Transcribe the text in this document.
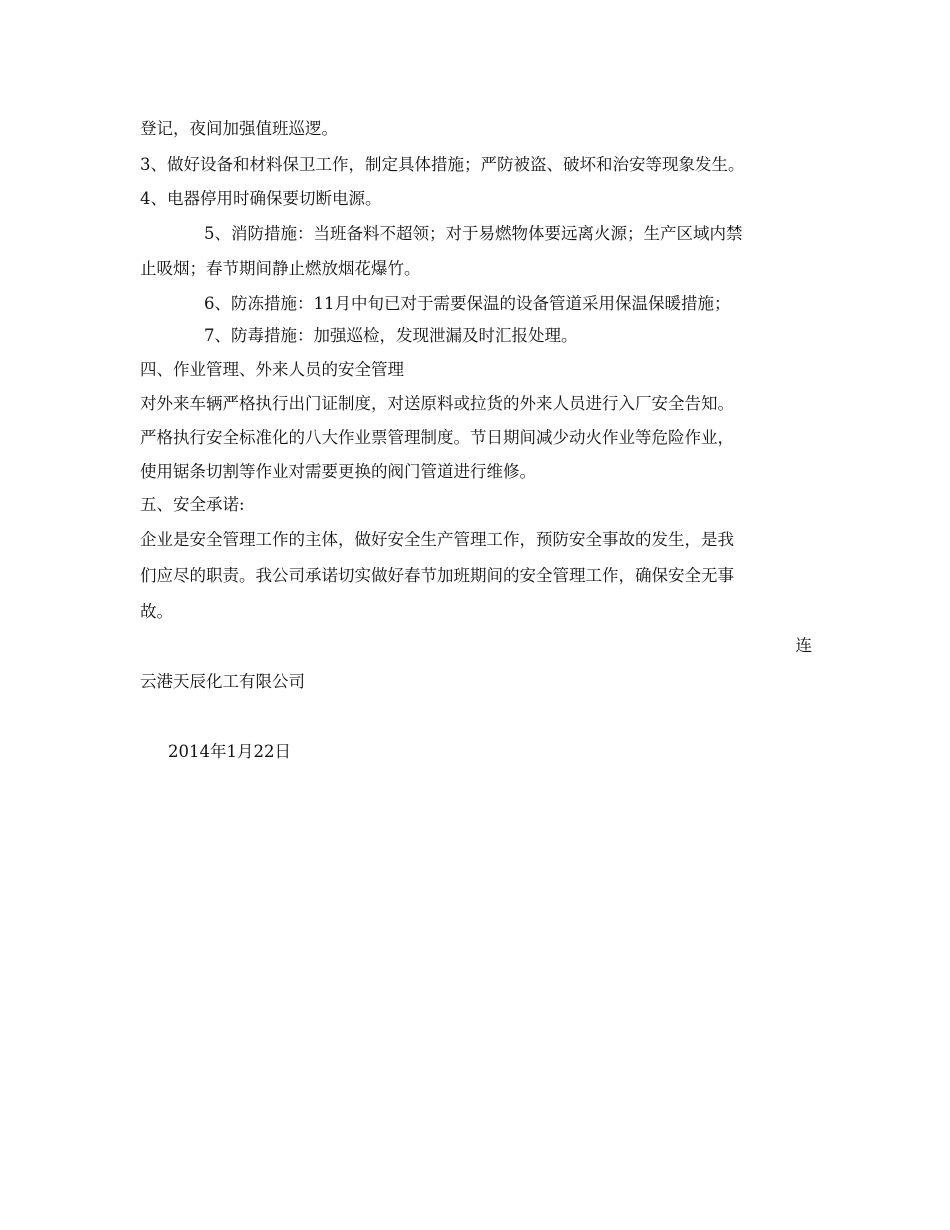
登记，夜间加强值班巡逻。
3、做好设备和材料保卫工作，制定具体措施；严防被盗、破坏和治安等现象发生。
4、电器停用时确保要切断电源。
5、消防措施：当班备料不超领；对于易燃物体要远离火源；生产区域内禁
止吸烟；春节期间静止燃放烟花爆竹。
6、防冻措施：11月中旬已对于需要保温的设备管道采用保温保暖措施；
7、防毒措施：加强巡检，发现泄漏及时汇报处理。
四、作业管理、外来人员的安全管理
对外来车辆严格执行出门证制度，对送原料或拉货的外来人员进行入厂安全告知。
严格执行安全标准化的八大作业票管理制度。节日期间减少动火作业等危险作业，
使用锯条切割等作业对需要更换的阀门管道进行维修。
五、安全承诺:
企业是安全管理工作的主体，做好安全生产管理工作，预防安全事故的发生，是我
们应尽的职责。我公司承诺切实做好春节加班期间的安全管理工作，确保安全无事
故。
连
云港天辰化工有限公司
2014年1月22日
